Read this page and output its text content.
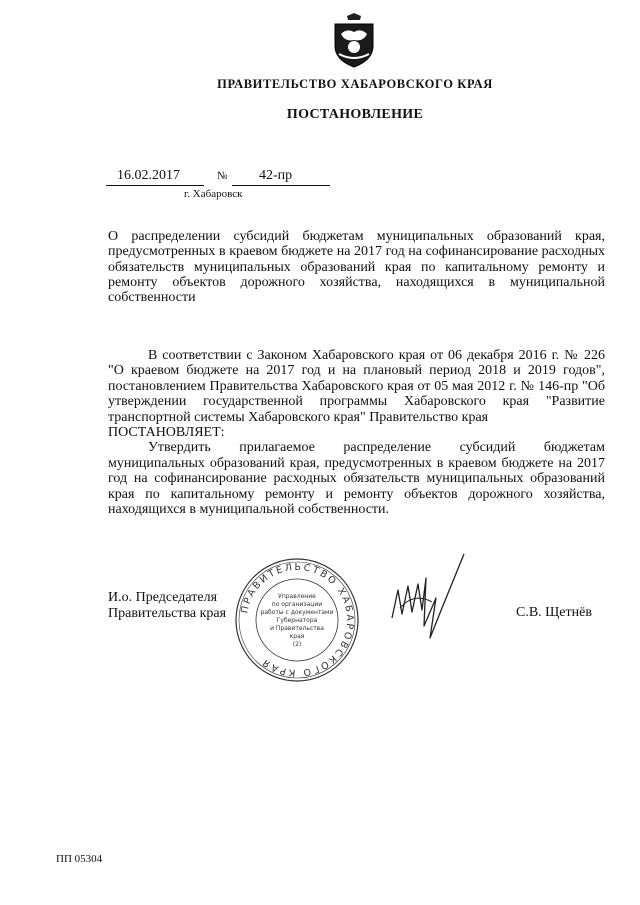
ПРАВИТЕЛЬСТВО ХАБАРОВСКОГО КРАЯ
ПОСТАНОВЛЕНИЕ
16.02.2017	№ 42-пр
г. Хабаровск
О распределении субсидий бюджетам муниципальных образований края, предусмотренных в краевом бюджете на 2017 год на софинансирование расходных обязательств муниципальных образований края по капитальному ремонту и ремонту объектов дорожного хозяйства, находящихся в муниципальной собственности

В соответствии с Законом Хабаровского края от 06 декабря 2016 г. № 226 "О краевом бюджете на 2017 год и на плановый период 2018 и 2019 годов", постановлением Правительства Хабаровского края от 05 мая 2012 г. № 146-пр "Об утверждении государственной программы Хабаровского края "Развитие транспортной системы Хабаровского края" Правительство края

ПОСТАНОВЛЯЕТ:

Утвердить прилагаемое распределение субсидий бюджетам муниципальных образований края, предусмотренных в краевом бюджете на 2017 год на софинансирование расходных обязательств муниципальных образований края по капитальному ремонту и ремонту объектов дорожного хозяйства, находящихся в муниципальной собственности.

И.о. Председателя
Правительства края ПРАВИТЕЛЬСТВО ХАБАРОВСКОГО КРАЯ
Управление
по организации
работы с документами
Губернатора
и Правительства
края
(2)
С.В. Щетнёв
ПП 05304
